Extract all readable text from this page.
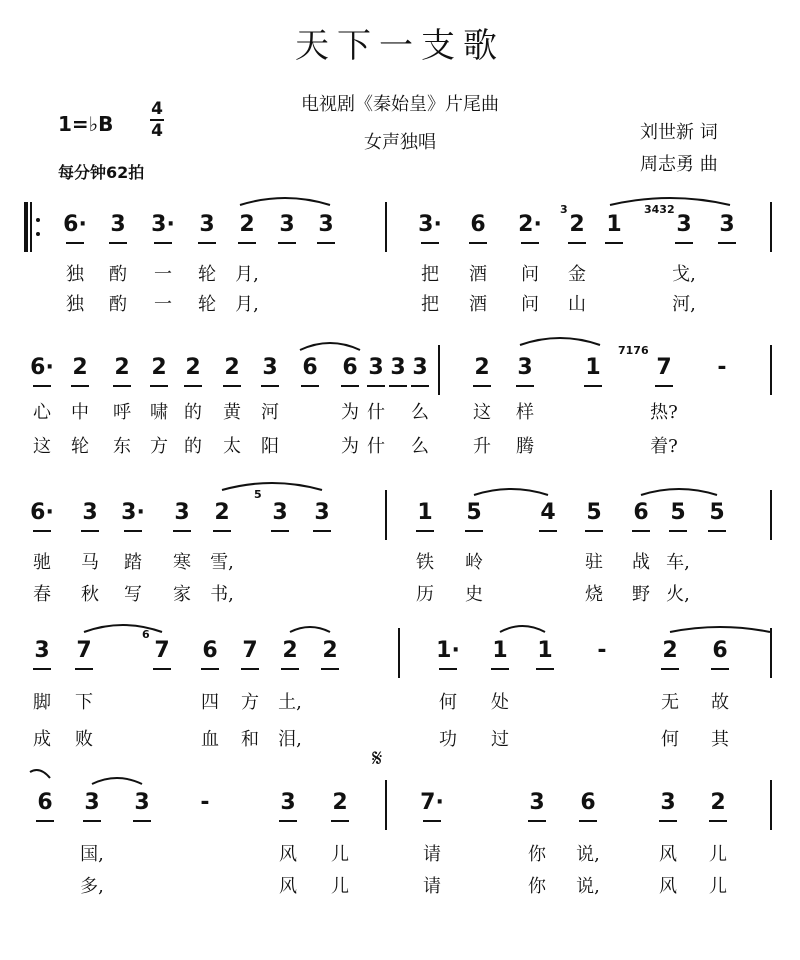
天下一支歌
电视剧《秦始皇》片尾曲
女声独唱
1=♭B
4
4
每分钟62拍
刘世新 词
周志勇 曲
6· 3 3· 3 2 3 3	3· 6 2· 2 1 3 3
独 酌 一 轮 月,	把 酒 问 金	戈,
独 酌 一 轮 月,	把 酒 问 山	河,
6· 2 2 2 2 2 3 6 6 3 3 3 2 3 1	7 -
心 中 呼 啸 的 黄 河	为 什 么 这 样	热?
这 轮 东 方 的 太 阳	为 什 么 升 腾	着?
6· 3 3· 3 2 3 3	1 5	4 5 6 5 5
驰 马 踏 寒 雪,	铁 岭	驻 战 车,
春 秋 写 家 书,	历 史	烧 野 火,
3 7	7 6 7 2 2	1· 1 1 -	2 6
脚 下	四 方 土,	何 处	无 故
成 败	血 和 泪,	功 过	何 其
6 3 3 -	3 2	7·	3 6	3 2
国,	风 儿	请	你 说,	风 儿
多,	风 儿	请	你 说,	风 儿
3	3432
7176
5
6
𝄋
